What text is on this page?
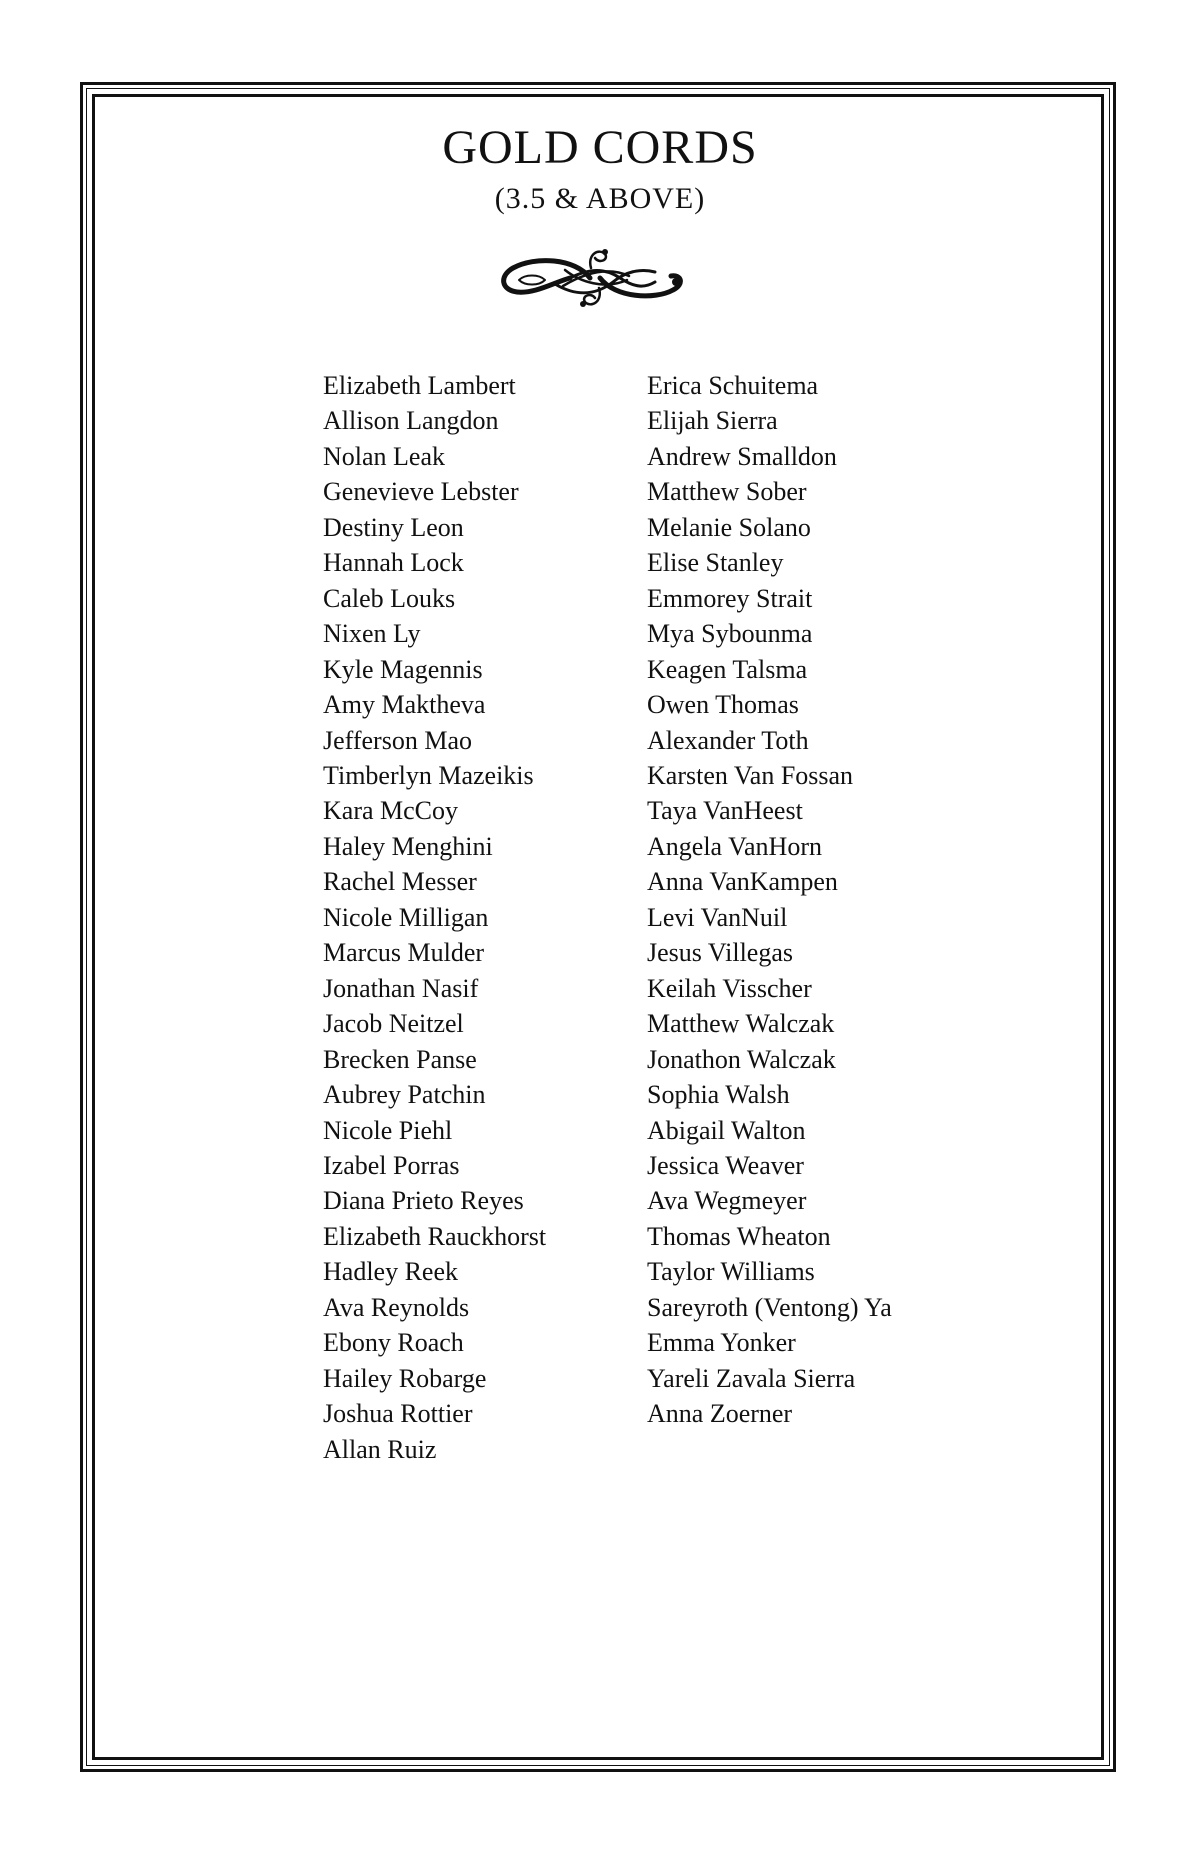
GOLD CORDS
(3.5 & ABOVE)
Elizabeth Lambert
Allison Langdon
Nolan Leak
Genevieve Lebster
Destiny Leon
Hannah Lock
Caleb Louks
Nixen Ly
Kyle Magennis
Amy Maktheva
Jefferson Mao
Timberlyn Mazeikis
Kara McCoy
Haley Menghini
Rachel Messer
Nicole Milligan
Marcus Mulder
Jonathan Nasif
Jacob Neitzel
Brecken Panse
Aubrey Patchin
Nicole Piehl
Izabel Porras
Diana Prieto Reyes
Elizabeth Rauckhorst
Hadley Reek
Ava Reynolds
Ebony Roach
Hailey Robarge
Joshua Rottier
Allan Ruiz
Erica Schuitema
Elijah Sierra
Andrew Smalldon
Matthew Sober
Melanie Solano
Elise Stanley
Emmorey Strait
Mya Sybounma
Keagen Talsma
Owen Thomas
Alexander Toth
Karsten Van Fossan
Taya VanHeest
Angela VanHorn
Anna VanKampen
Levi VanNuil
Jesus Villegas
Keilah Visscher
Matthew Walczak
Jonathon Walczak
Sophia Walsh
Abigail Walton
Jessica Weaver
Ava Wegmeyer
Thomas Wheaton
Taylor Williams
Sareyroth (Ventong) Ya
Emma Yonker
Yareli Zavala Sierra
Anna Zoerner
